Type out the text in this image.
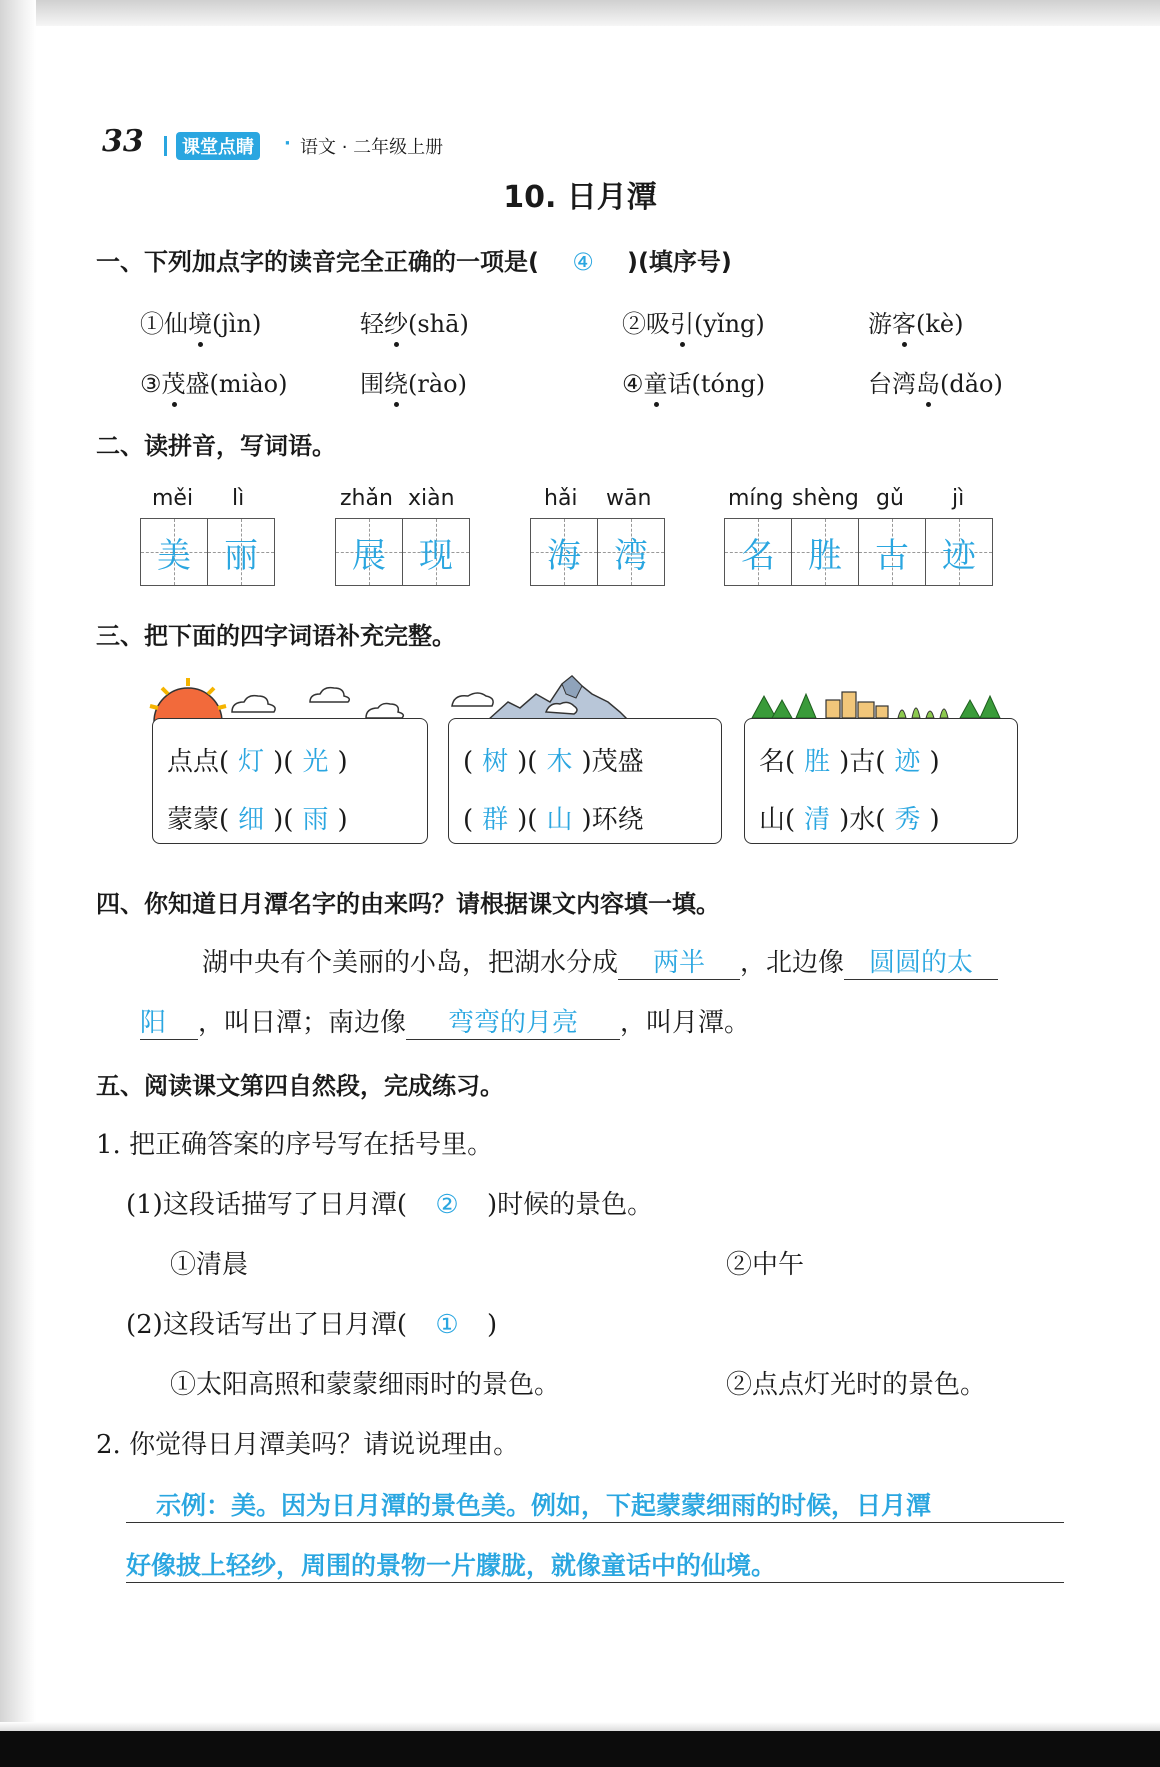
33	课堂点睛	· 语文 · 二年级上册
10. 日月潭
一、下列加点字的读音完全正确的一项是( ④ )(填序号)
①仙境(jìn)	轻纱(shā)	②吸引(yǐng)	游客(kè)
③茂盛(miào)	围绕(rào)	④童话(tóng)	台湾岛(dǎo)
二、读拼音，写词语。
měi lì
美 丽
zhǎn xiàn
展 现
hǎi wān
海 湾
míng shèng gǔ jì
名 胜 古 迹
三、把下面的四字词语补充完整。
点点( 灯 )( 光 )
蒙蒙( 细 )( 雨 )
( 树 )( 木 )茂盛
( 群 )( 山 )环绕
名( 胜 )古( 迹 )
山( 清 )水( 秀 )
四、你知道日月潭名字的由来吗？请根据课文内容填一填。
湖中央有个美丽的小岛，把湖水分成 两半 ，北边像 圆圆的太
阳 ，叫日潭；南边像 弯弯的月亮 ，叫月潭。
五、阅读课文第四自然段，完成练习。
1. 把正确答案的序号写在括号里。
(1)这段话描写了日月潭( ② )时候的景色。
①清晨	②中午
(2)这段话写出了日月潭( ① )
①太阳高照和蒙蒙细雨时的景色。	②点点灯光时的景色。
2. 你觉得日月潭美吗？请说说理由。
示例：美。因为日月潭的景色美。例如，下起蒙蒙细雨的时候，日月潭
好像披上轻纱，周围的景物一片朦胧，就像童话中的仙境。
